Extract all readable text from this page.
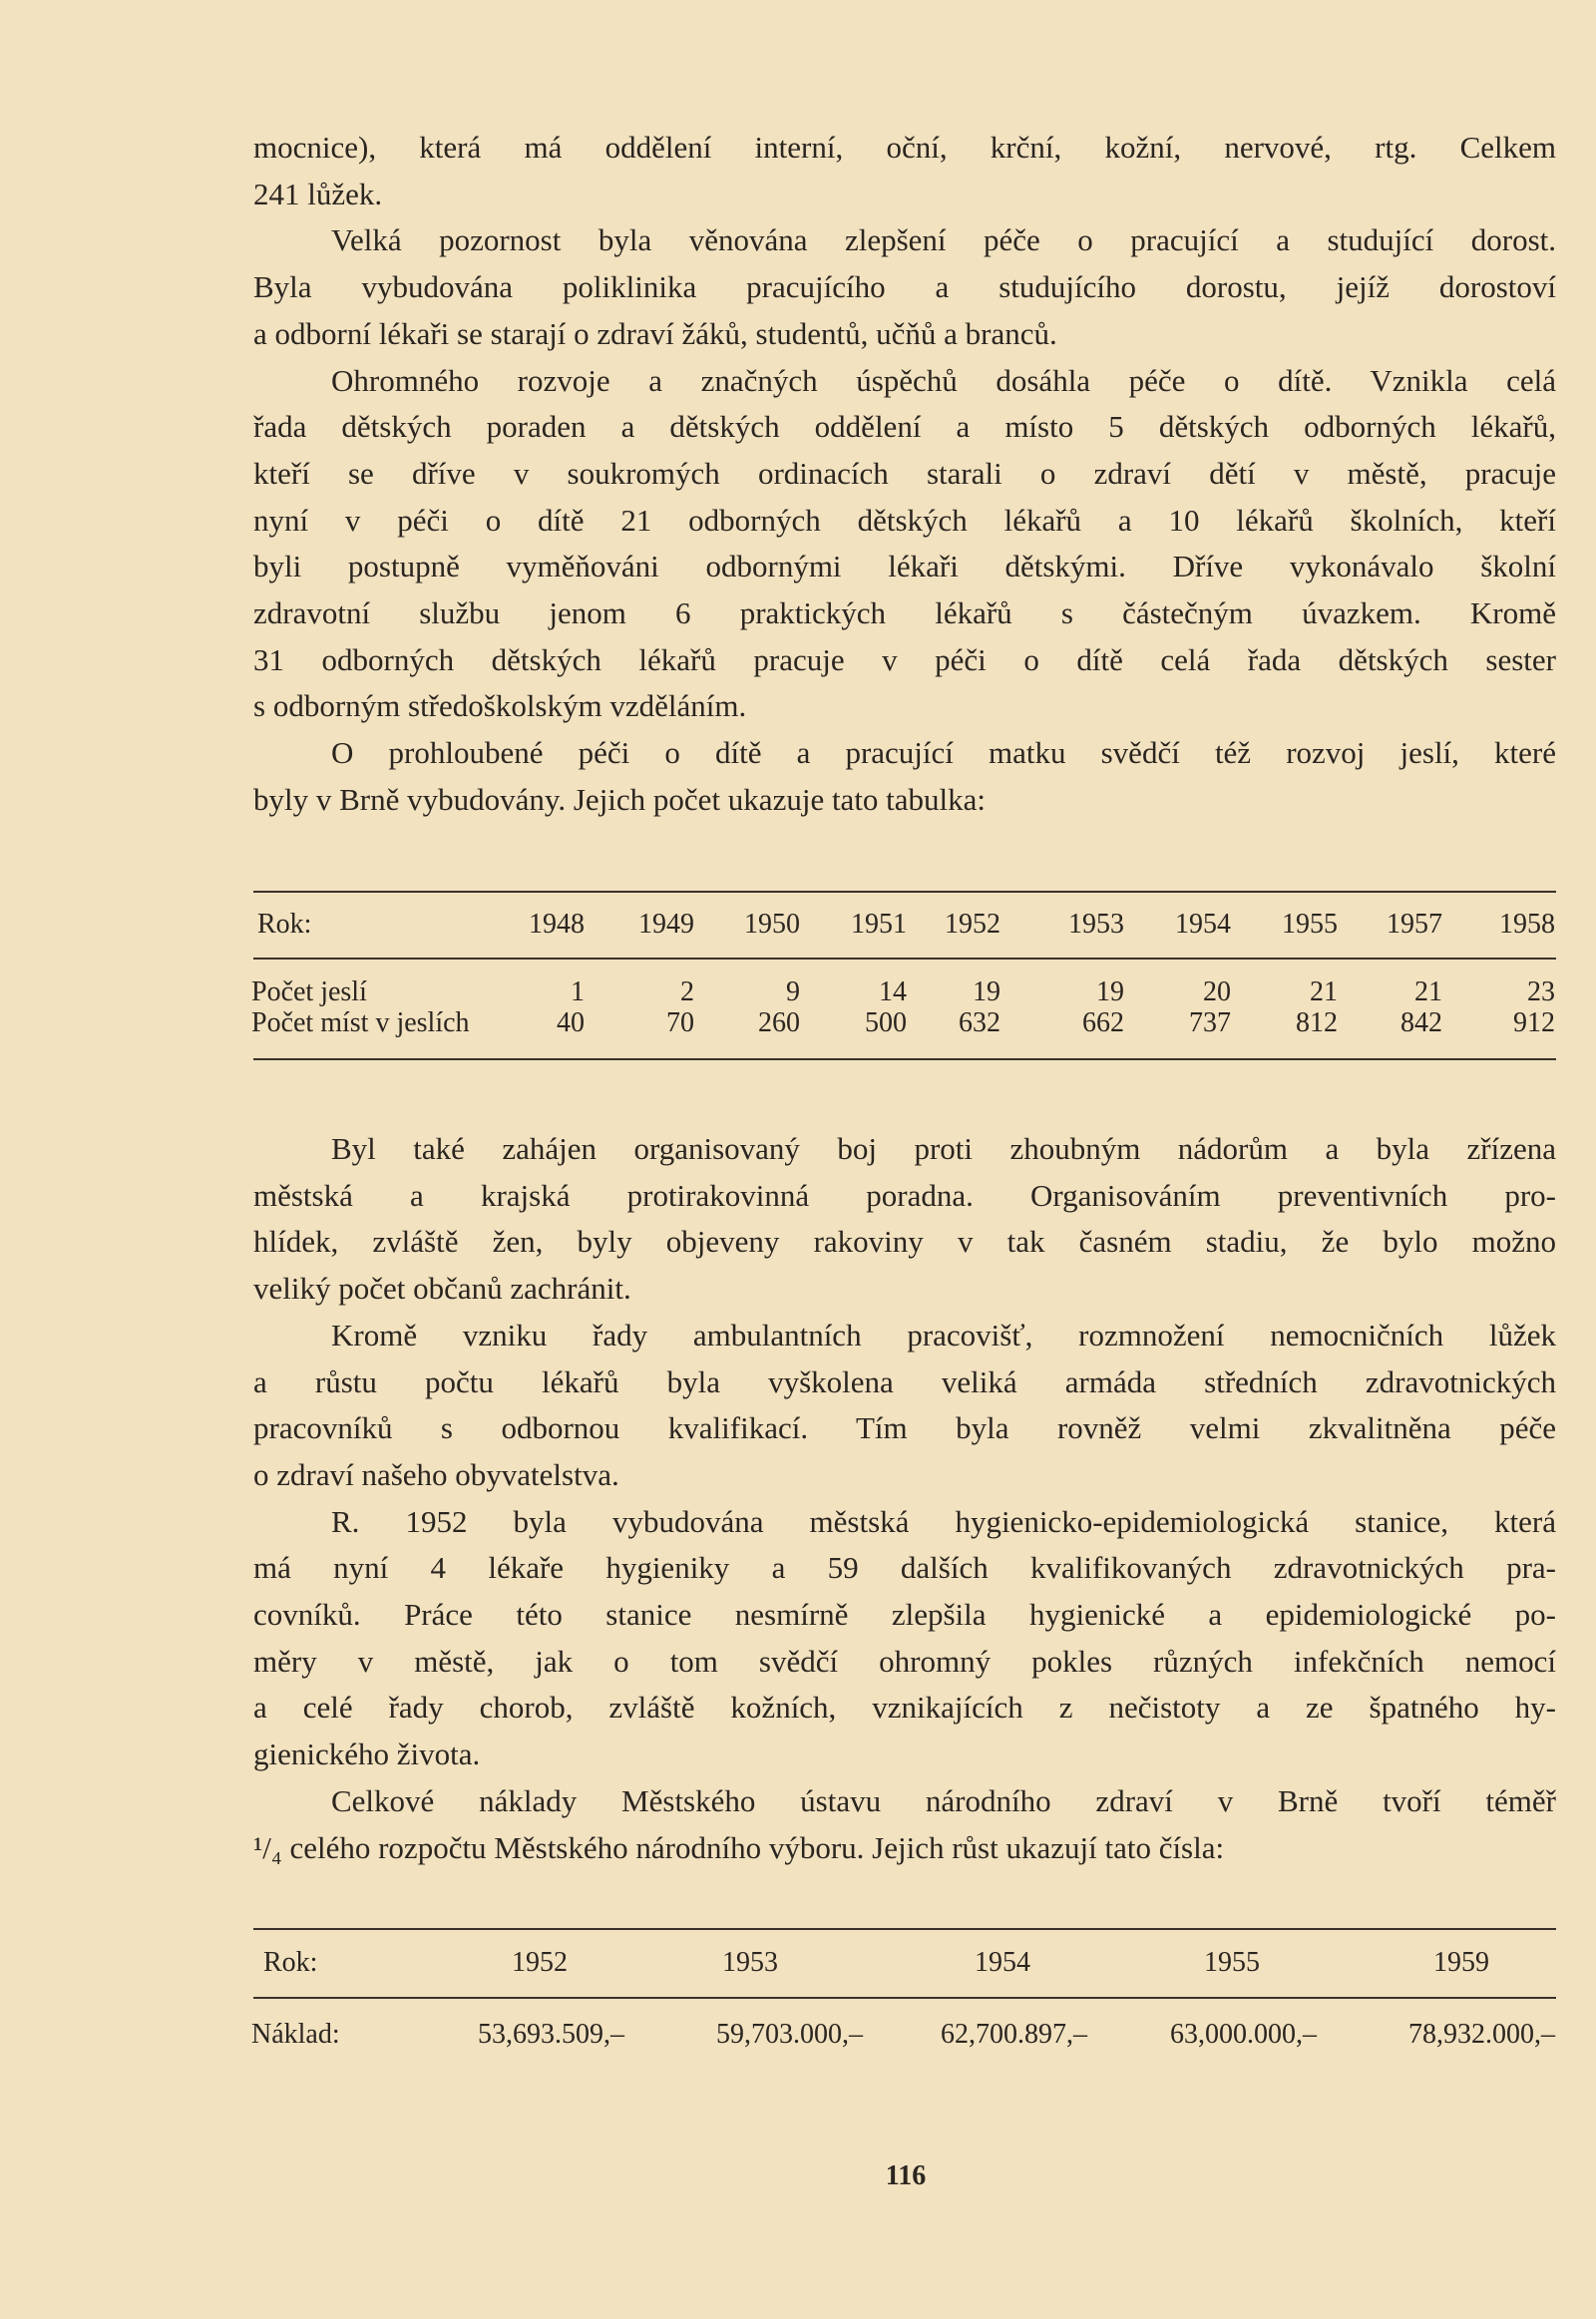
116
mocnice), která má oddělení interní, oční, krční, kožní, nervové, rtg. Celkem
241 lůžek.
Velká pozornost byla věnována zlepšení péče o pracující a studující dorost.
Byla vybudována poliklinika pracujícího a studujícího dorostu, jejíž dorostoví
a odborní lékaři se starají o zdraví žáků, studentů, učňů a branců.
Ohromného rozvoje a značných úspěchů dosáhla péče o dítě. Vznikla celá
řada dětských poraden a dětských oddělení a místo 5 dětských odborných lékařů,
kteří se dříve v soukromých ordinacích starali o zdraví dětí v městě, pracuje
nyní v péči o dítě 21 odborných dětských lékařů a 10 lékařů školních, kteří
byli postupně vyměňováni odbornými lékaři dětskými. Dříve vykonávalo školní
zdravotní službu jenom 6 praktických lékařů s částečným úvazkem. Kromě
31 odborných dětských lékařů pracuje v péči o dítě celá řada dětských sester
s odborným středoškolským vzděláním.
O prohloubené péči o dítě a pracující matku svědčí též rozvoj jeslí, které
byly v Brně vybudovány. Jejich počet ukazuje tato tabulka:
Byl také zahájen organisovaný boj proti zhoubným nádorům a byla zřízena
městská a krajská protirakovinná poradna. Organisováním preventivních pro-
hlídek, zvláště žen, byly objeveny rakoviny v tak časném stadiu, že bylo možno
veliký počet občanů zachránit.
Kromě vzniku řady ambulantních pracovišť, rozmnožení nemocničních lůžek
a růstu počtu lékařů byla vyškolena veliká armáda středních zdravotnických
pracovníků s odbornou kvalifikací. Tím byla rovněž velmi zkvalitněna péče
o zdraví našeho obyvatelstva.
R. 1952 byla vybudována městská hygienicko-epidemiologická stanice, která
má nyní 4 lékaře hygieniky a 59 dalších kvalifikovaných zdravotnických pra-
covníků. Práce této stanice nesmírně zlepšila hygienické a epidemiologické po-
měry v městě, jak o tom svědčí ohromný pokles různých infekčních nemocí
a celé řady chorob, zvláště kožních, vznikajících z nečistoty a ze špatného hy-
gienického života.
Celkové náklady Městského ústavu národního zdraví v Brně tvoří téměř
¹/₄ celého rozpočtu Městského národního výboru. Jejich růst ukazují tato čísla:
Rok:	1948 1949 1950 1951 1952 1953 1954 1955 1957 1958
Počet jeslí	1	2	9	14 19	19	20	21	21	23
Počet míst v jeslích	40	70 260 500 632	662 737 812 842	912
Rok:	1952	1953	1954	1955	1959
Náklad:	53,693.509,–	59,703.000,–	62,700.897,–	63,000.000,–	78,932.000,–
